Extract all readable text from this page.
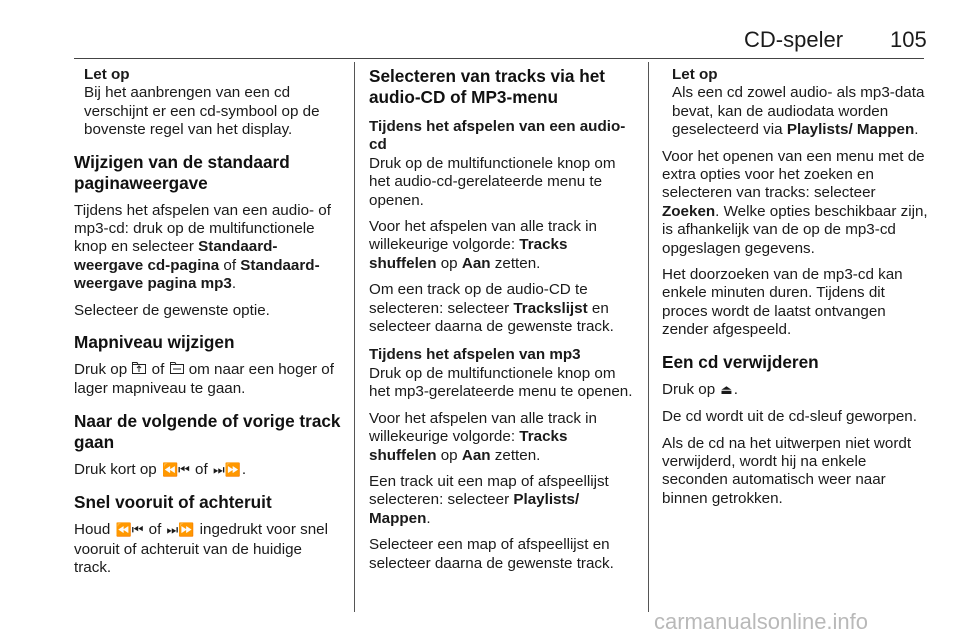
CD-speler 105
Let op
Bij het aanbrengen van een cd verschijnt er een cd-symbool op de bovenste regel van het display.
Wijzigen van de standaard paginaweergave

Tijdens het afspelen van een audio- of mp3-cd: druk op de multifunctionele knop en selecteer Standaard-weergave cd-pagina of Standaard-weergave pagina mp3.

Selecteer de gewenste optie.

Mapniveau wijzigen

Druk op  of  om naar een hoger of lager mapniveau te gaan.

Naar de volgende of vorige track gaan

Druk kort op ⏪⏮ of ⏭⏩.

Snel vooruit of achteruit

Houd ⏪⏮ of ⏭⏩ ingedrukt voor snel vooruit of achteruit van de huidige track.

Selecteren van tracks via het audio-CD of MP3-menu
Tijdens het afspelen van een audio-cd

Druk op de multifunctionele knop om het audio-cd-gerelateerde menu te openen.

Voor het afspelen van alle track in willekeurige volgorde: Tracks shuffelen op Aan zetten.

Om een track op de audio-CD te selecteren: selecteer Trackslijst en selecteer daarna de gewenste track.

Tijdens het afspelen van mp3

Druk op de multifunctionele knop om het mp3-gerelateerde menu te openen.

Voor het afspelen van alle track in willekeurige volgorde: Tracks shuffelen op Aan zetten.

Een track uit een map of afspeellijst selecteren: selecteer Playlists/ Mappen.

Selecteer een map of afspeellijst en selecteer daarna de gewenste track.

Let op
Als een cd zowel audio- als mp3-data bevat, kan de audiodata worden geselecteerd via Playlists/ Mappen.

Voor het openen van een menu met de extra opties voor het zoeken en selecteren van tracks: selecteer Zoeken. Welke opties beschikbaar zijn, is afhankelijk van de op de mp3-cd opgeslagen gegevens.

Het doorzoeken van de mp3-cd kan enkele minuten duren. Tijdens dit proces wordt de laatst ontvangen zender afgespeeld.

Een cd verwijderen

Druk op ⏏.

De cd wordt uit de cd-sleuf geworpen.

Als de cd na het uitwerpen niet wordt verwijderd, wordt hij na enkele seconden automatisch weer naar binnen getrokken.

carmanualsonline.info
